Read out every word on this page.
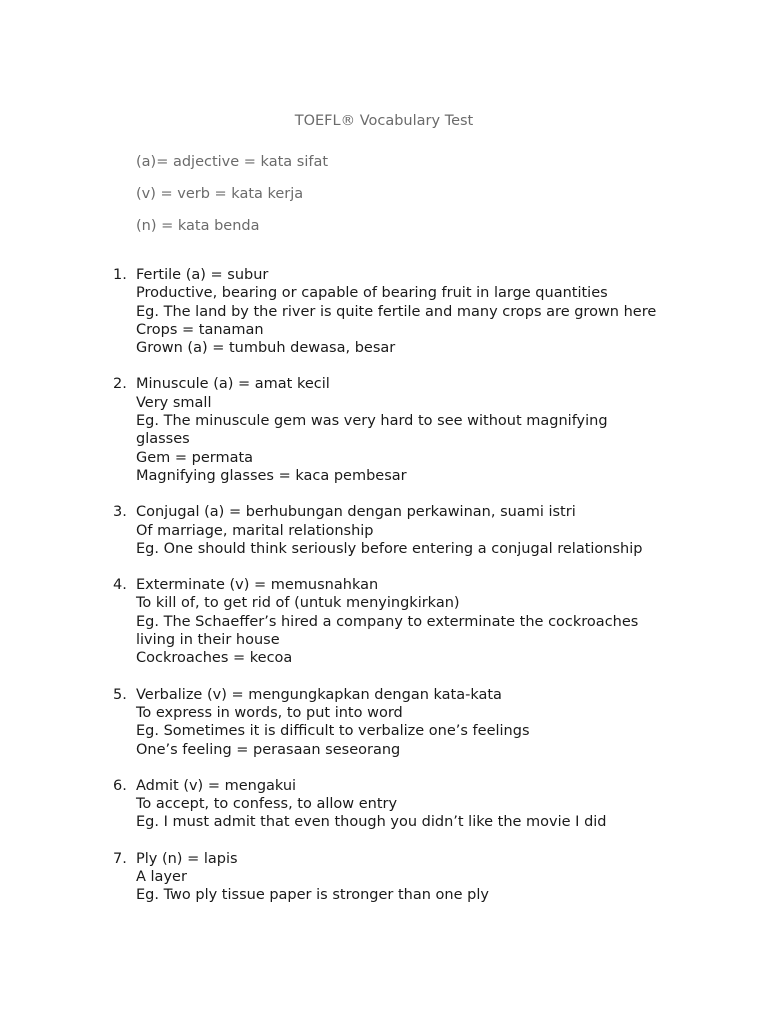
TOEFL® Vocabulary Test
(a)= adjective = kata sifat
(v) = verb = kata kerja
(n) = kata benda
1. Fertile (a) = subur
Productive, bearing or capable of bearing fruit in large quantities
Eg. The land by the river is quite fertile and many crops are grown here
Crops = tanaman
Grown (a) = tumbuh dewasa, besar
2. Minuscule (a) = amat kecil
Very small
Eg. The minuscule gem was very hard to see without magnifying glasses
Gem = permata
Magnifying glasses = kaca pembesar
3. Conjugal (a) = berhubungan dengan perkawinan, suami istri
Of marriage, marital relationship
Eg. One should think seriously before entering a conjugal relationship
4. Exterminate (v) = memusnahkan
To kill of, to get rid of (untuk menyingkirkan)
Eg. The Schaeffer’s hired a company to exterminate the cockroaches living in their house
Cockroaches = kecoa
5. Verbalize (v) = mengungkapkan dengan kata-kata
To express in words, to put into word
Eg. Sometimes it is difficult to verbalize one’s feelings
One’s feeling = perasaan seseorang
6. Admit (v) = mengakui
To accept, to confess, to allow entry
Eg. I must admit that even though you didn’t like the movie I did
7. Ply (n) = lapis
A layer
Eg. Two ply tissue paper is stronger than one ply
